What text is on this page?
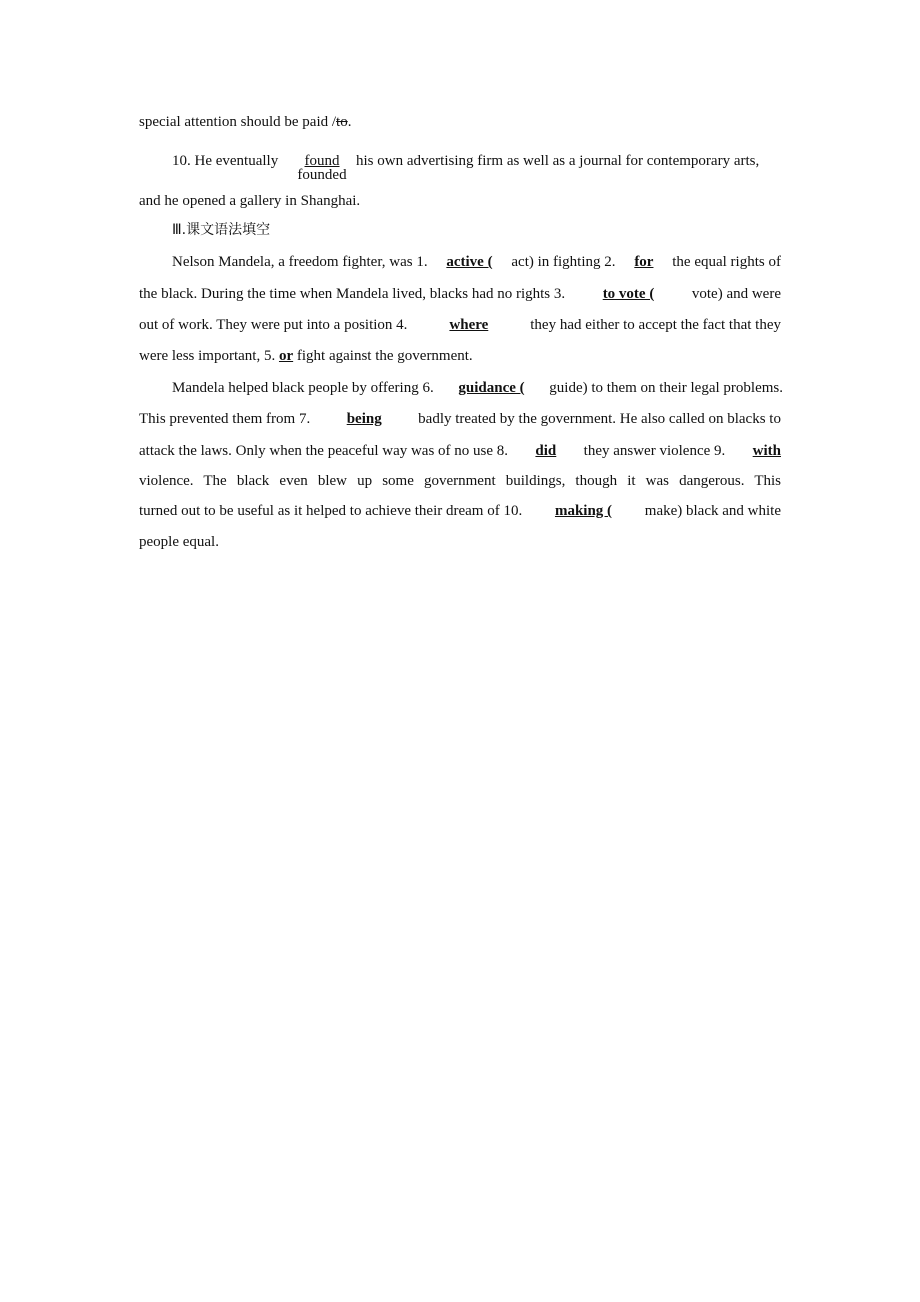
special attention should be paid /to.
10. He eventually	found
founded
his own advertising firm as well as a journal for contemporary arts,
and he opened a gallery in Shanghai.
Ⅲ.课文语法填空
Nelson Mandela, a freedom fighter, was 1. active ( act) in fighting 2. for the equal rights of
the black. During the time when Mandela lived, blacks had no rights 3.	to vote (	vote) and were
out of work. They were put into a position 4.	where	they had either to accept the fact that they
were less important, 5. or fight against the government.
Mandela helped black people by offering 6. guidance ( guide) to them on their legal problems.
This prevented them from 7. being badly treated by the government. He also called on blacks to
attack the laws. Only when the peaceful way was of no use 8. did they answer violence 9. with
violence. The black even blew up some government buildings, though it was dangerous. This
turned out to be useful as it helped to achieve their dream of 10. making ( make) black and white
people equal.
